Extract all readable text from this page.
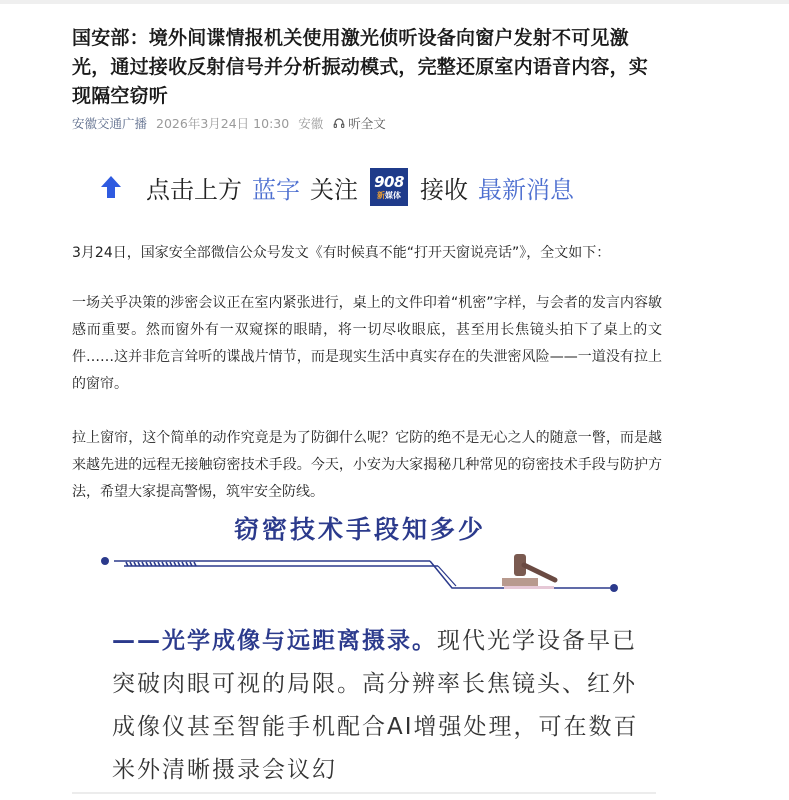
国安部：境外间谍情报机关使用激光侦听设备向窗户发射不可见激光，通过接收反射信号并分析振动模式，完整还原室内语音内容，实现隔空窃听
安徽交通广播 2026年3月24日 10:30 安徽 听全文
点击上方 蓝字 关注 908
新媒体 接收 最新消息

3月24日，国家安全部微信公众号发文《有时候真不能“打开天窗说亮话”》，全文如下：

一场关乎决策的涉密会议正在室内紧张进行，桌上的文件印着“机密”字样，与会者的发言内容敏感而重要。然而窗外有一双窥探的眼睛，将一切尽收眼底，甚至用长焦镜头拍下了桌上的文件……这并非危言耸听的谍战片情节，而是现实生活中真实存在的失泄密风险——一道没有拉上的窗帘。

拉上窗帘，这个简单的动作究竟是为了防御什么呢？它防的绝不是无心之人的随意一瞥，而是越来越先进的远程无接触窃密技术手段。今天，小安为大家揭秘几种常见的窃密技术手段与防护方法，希望大家提高警惕，筑牢安全防线。

窃密技术手段知多少
——光学成像与远距离摄录。现代光学设备早已突破肉眼可视的局限。高分辨率长焦镜头、红外成像仪甚至智能手机配合AI增强处理，可在数百米外清晰摄录会议幻
